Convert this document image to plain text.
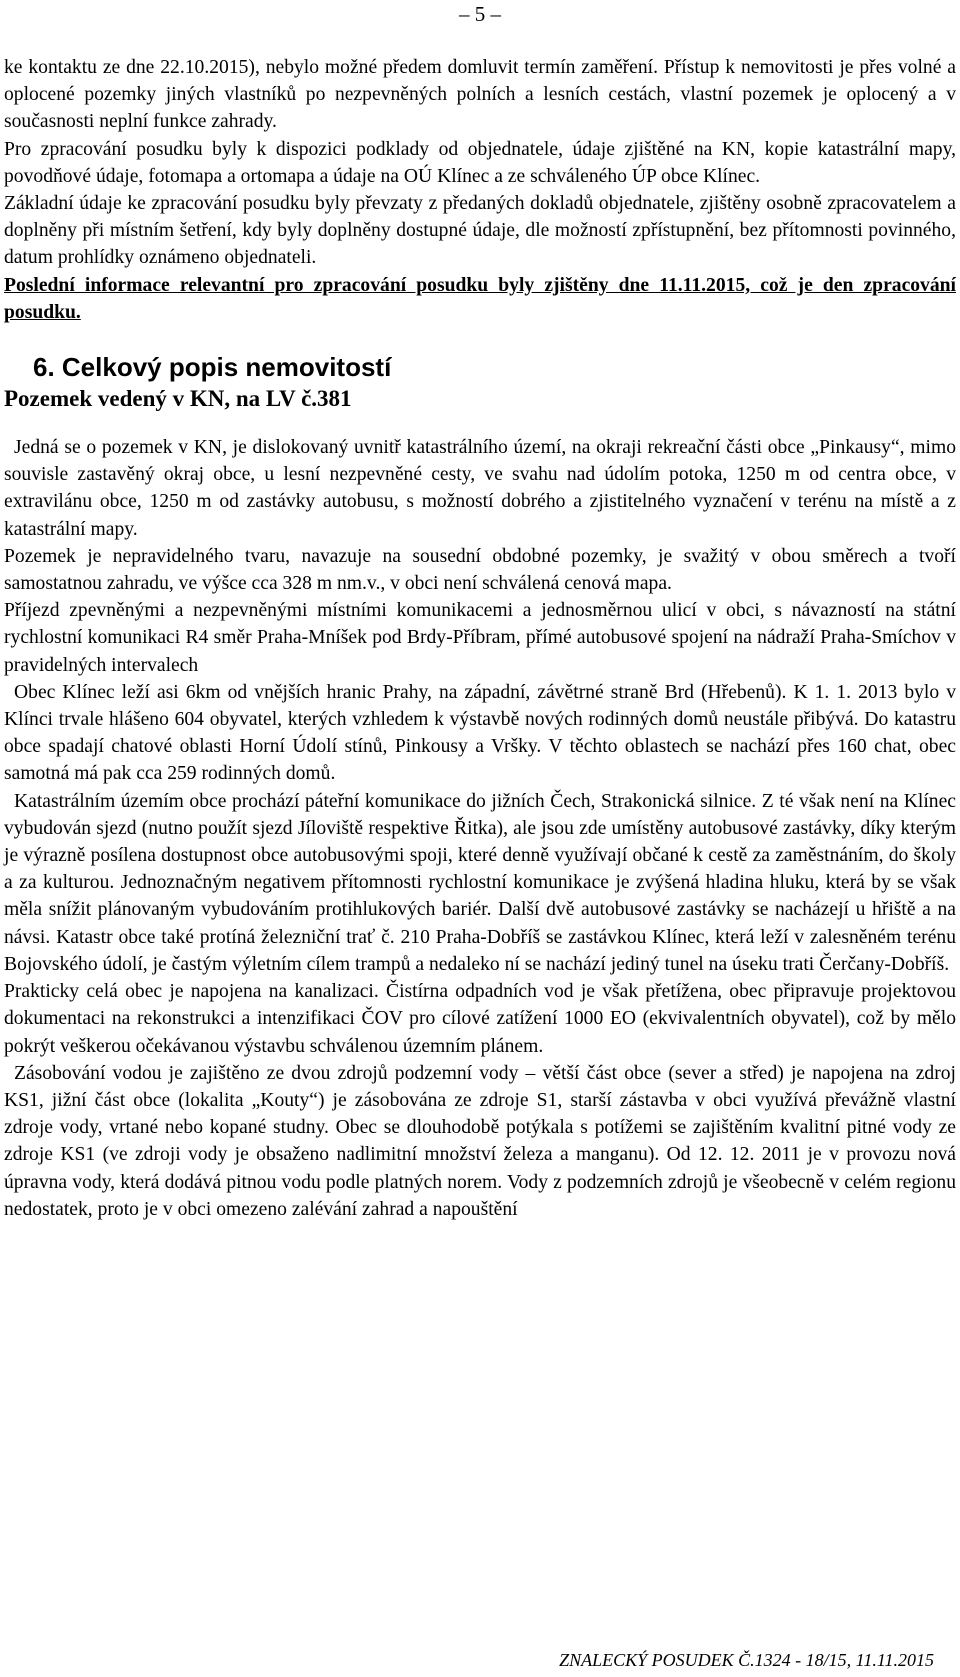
– 5 –

ke kontaktu ze dne 22.10.2015), nebylo možné předem domluvit termín zaměření. Přístup k nemovitosti je přes volné a oplocené pozemky jiných vlastníků po nezpevněných polních a lesních cestách, vlastní pozemek je oplocený a v současnosti neplní funkce zahrady.

Pro zpracování posudku byly k dispozici podklady od objednatele, údaje zjištěné na KN, kopie katastrální mapy, povodňové údaje, fotomapa a ortomapa a údaje na OÚ Klínec a ze schváleného ÚP obce Klínec.

Základní údaje ke zpracování posudku byly převzaty z předaných dokladů objednatele, zjištěny osobně zpracovatelem a doplněny při místním šetření, kdy byly doplněny dostupné údaje, dle možností zpřístupnění, bez přítomnosti povinného, datum prohlídky oznámeno objednateli.

Poslední informace relevantní pro zpracování posudku byly zjištěny dne 11.11.2015, což je den zpracování posudku.

6. Celkový popis nemovitostí

Pozemek vedený v KN, na LV č.381

Jedná se o pozemek v KN, je dislokovaný uvnitř katastrálního území, na okraji rekreační části obce „Pinkausy“, mimo souvisle zastavěný okraj obce, u lesní nezpevněné cesty, ve svahu nad údolím potoka, 1250 m od centra obce, v extravilánu obce, 1250 m od zastávky autobusu, s možností dobrého a zjistitelného vyznačení v terénu na místě a z katastrální mapy.

Pozemek je nepravidelného tvaru, navazuje na sousední obdobné pozemky, je svažitý v obou směrech a tvoří samostatnou zahradu, ve výšce cca 328 m nm.v., v obci není schválená cenová mapa.

Příjezd zpevněnými a nezpevněnými místními komunikacemi a jednosměrnou ulicí v obci, s návazností na státní rychlostní komunikaci R4 směr Praha-Mníšek pod Brdy-Příbram, přímé autobusové spojení na nádraží Praha-Smíchov v pravidelných intervalech

Obec Klínec leží asi 6km od vnějších hranic Prahy, na západní, závětrné straně Brd (Hřebenů). K 1. 1. 2013 bylo v Klínci trvale hlášeno 604 obyvatel, kterých vzhledem k výstavbě nových rodinných domů neustále přibývá. Do katastru obce spadají chatové oblasti Horní Údolí stínů, Pinkousy a Vršky. V těchto oblastech se nachází přes 160 chat, obec samotná má pak cca 259 rodinných domů.

Katastrálním územím obce prochází páteřní komunikace do jižních Čech, Strakonická silnice. Z té však není na Klínec vybudován sjezd (nutno použít sjezd Jíloviště respektive Řitka), ale jsou zde umístěny autobusové zastávky, díky kterým je výrazně posílena dostupnost obce autobusovými spoji, které denně využívají občané k cestě za zaměstnáním, do školy a za kulturou. Jednoznačným negativem přítomnosti rychlostní komunikace je zvýšená hladina hluku, která by se však měla snížit plánovaným vybudováním protihlukových bariér. Další dvě autobusové zastávky se nacházejí u hřiště a na návsi. Katastr obce také protíná železniční trať č. 210 Praha-Dobříš se zastávkou Klínec, která leží v zalesněném terénu Bojovského údolí, je častým výletním cílem trampů a nedaleko ní se nachází jediný tunel na úseku trati Čerčany-Dobříš.

Prakticky celá obec je napojena na kanalizaci. Čistírna odpadních vod je však přetížena, obec připravuje projektovou dokumentaci na rekonstrukci a intenzifikaci ČOV pro cílové zatížení 1000 EO (ekvivalentních obyvatel), což by mělo pokrýt veškerou očekávanou výstavbu schválenou územním plánem.

Zásobování vodou je zajištěno ze dvou zdrojů podzemní vody – větší část obce (sever a střed) je napojena na zdroj KS1, jižní část obce (lokalita „Kouty“) je zásobována ze zdroje S1, starší zástavba v obci využívá převážně vlastní zdroje vody, vrtané nebo kopané studny. Obec se dlouhodobě potýkala s potížemi se zajištěním kvalitní pitné vody ze zdroje KS1 (ve zdroji vody je obsaženo nadlimitní množství železa a manganu). Od 12. 12. 2011 je v provozu nová úpravna vody, která dodává pitnou vodu podle platných norem. Vody z podzemních zdrojů je všeobecně v celém regionu nedostatek, proto je v obci omezeno zalévání zahrad a napouštění

ZNALECKÝ POSUDEK Č.1324 - 18/15, 11.11.2015
